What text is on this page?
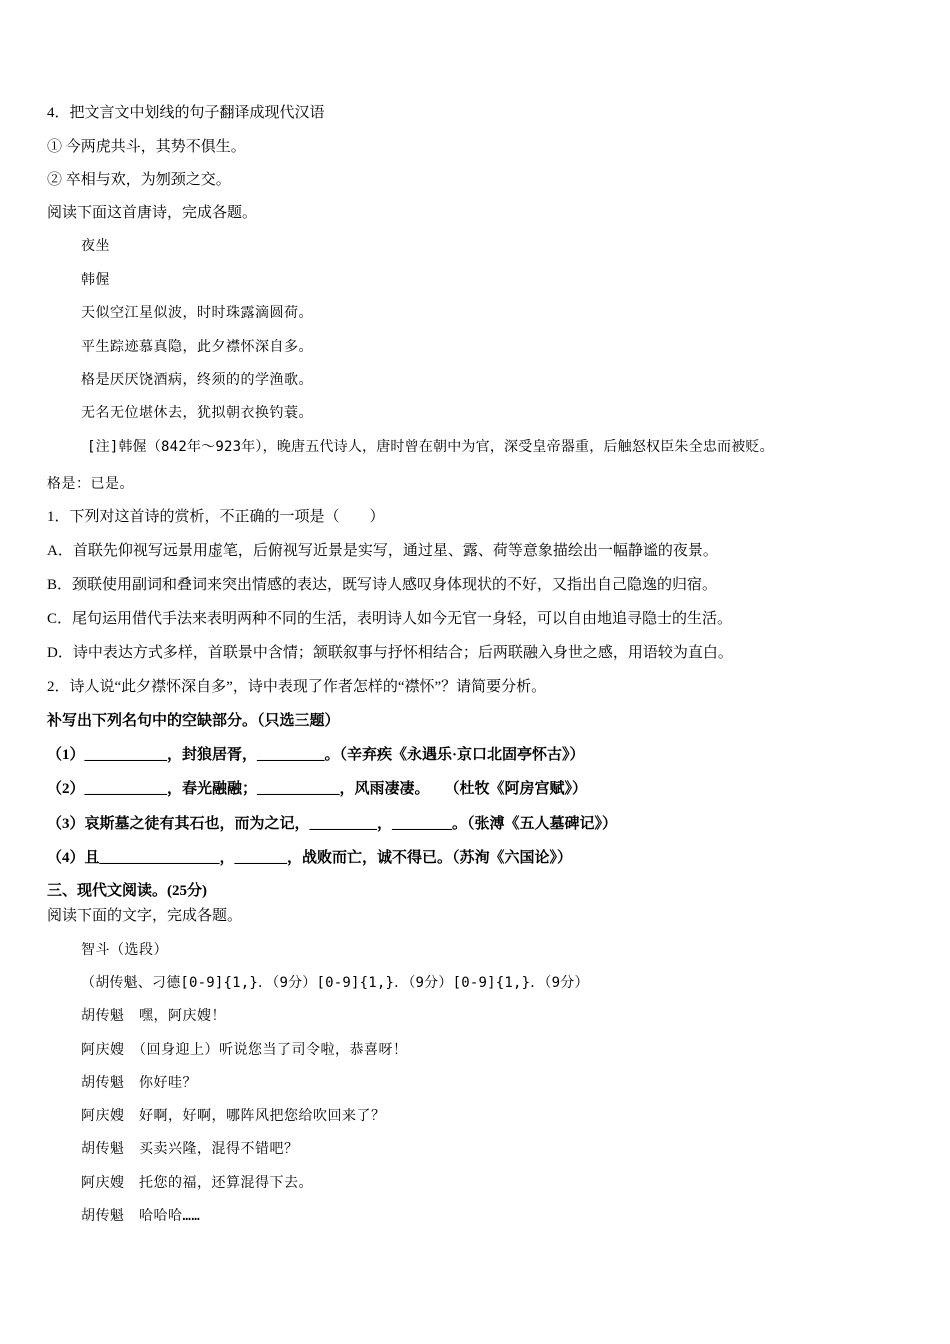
4．把文言文中划线的句子翻译成现代汉语
① 今两虎共斗，其势不俱生。
② 卒相与欢，为刎颈之交。
阅读下面这首唐诗，完成各题。
夜坐
韩偓
天似空江星似波，时时珠露滴圆荷。
平生踪迹慕真隐，此夕襟怀深自多。
格是厌厌饶酒病，终须的的学渔歌。
无名无位堪休去，犹拟朝衣换钓蓑。
[注]韩偓（842年～923年），晚唐五代诗人，唐时曾在朝中为官，深受皇帝器重，后触怒权臣朱全忠而被贬。
格是：已是。
1．下列对这首诗的赏析，不正确的一项是（　　）
A．首联先仰视写远景用虚笔，后俯视写近景是实写，通过星、露、荷等意象描绘出一幅静谧的夜景。
B．颈联使用副词和叠词来突出情感的表达，既写诗人感叹身体现状的不好，又指出自己隐逸的归宿。
C．尾句运用借代手法来表明两种不同的生活，表明诗人如今无官一身轻，可以自由地追寻隐士的生活。
D．诗中表达方式多样，首联景中含情；颔联叙事与抒怀相结合；后两联融入身世之感，用语较为直白。
2．诗人说“此夕襟怀深自多”，诗中表现了作者怎样的“襟怀”？请简要分析。
补写出下列名句中的空缺部分。（只选三题）
（1）___________，封狼居胥，_________。（辛弃疾《永遇乐·京口北固亭怀古》）
（2）___________，春光融融；___________，风雨凄凄。　　（杜牧《阿房宫赋》）
（3）哀斯墓之徒有其石也，而为之记，_________，________。（张溥《五人墓碑记》）
（4）且________________，_______，战败而亡，诚不得已。（苏洵《六国论》）
三、现代文阅读。(25分)
阅读下面的文字，完成各题。
智斗（选段）
（胡传魁、刁德[0-9]{1,}．（9分）[0-9]{1,}．（9分）[0-9]{1,}．（9分）
胡传魁　嘿，阿庆嫂！
阿庆嫂　（回身迎上）听说您当了司令啦，恭喜呀！
胡传魁　你好哇？
阿庆嫂　好啊，好啊，哪阵风把您给吹回来了？
胡传魁　买卖兴隆，混得不错吧？
阿庆嫂　托您的福，还算混得下去。
胡传魁　哈哈哈……
